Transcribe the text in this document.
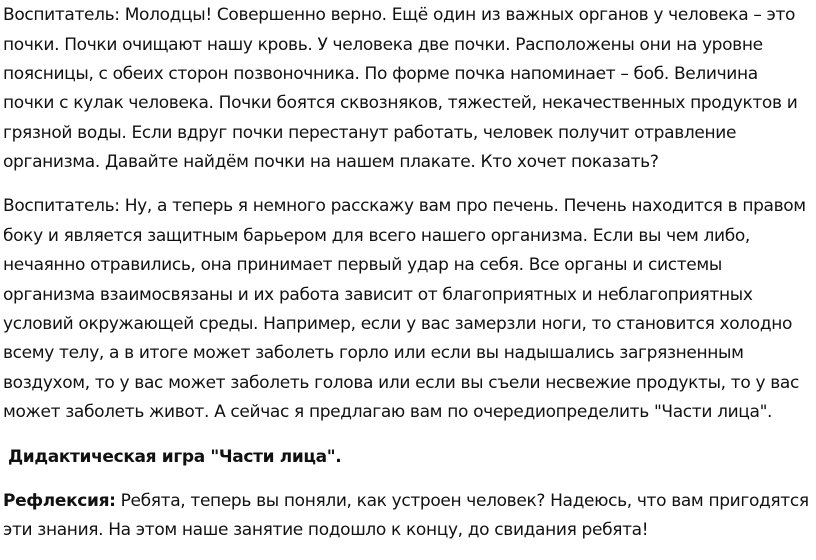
Воспитатель: Молодцы! Совершенно верно. Ещё один из важных органов у человека – это

почки. Почки очищают нашу кровь. У человека две почки. Расположены они на уровне

поясницы, с обеих сторон позвоночника. По форме почка напоминает – боб. Величина

почки с кулак человека. Почки боятся сквозняков, тяжестей, некачественных продуктов и

грязной воды. Если вдруг почки перестанут работать, человек получит отравление

организма. Давайте найдём почки на нашем плакате. Кто хочет показать?

Воспитатель: Ну, а теперь я немного расскажу вам про печень. Печень находится в правом

боку и является защитным барьером для всего нашего организма. Если вы чем либо,

нечаянно отравились, она принимает первый удар на себя. Все органы и системы

организма взаимосвязаны и их работа зависит от благоприятных и неблагоприятных

условий окружающей среды. Например, если у вас замерзли ноги, то становится холодно

всему телу, а в итоге может заболеть горло или если вы надышались загрязненным

воздухом, то у вас может заболеть голова или если вы съели несвежие продукты, то у вас

может заболеть живот. А сейчас я предлагаю вам по очередиопределить "Части лица".

Дидактическая игра "Части лица".

Рефлексия: Ребята, теперь вы поняли, как устроен человек? Надеюсь, что вам пригодятся

эти знания. На этом наше занятие подошло к концу, до свидания ребята!
